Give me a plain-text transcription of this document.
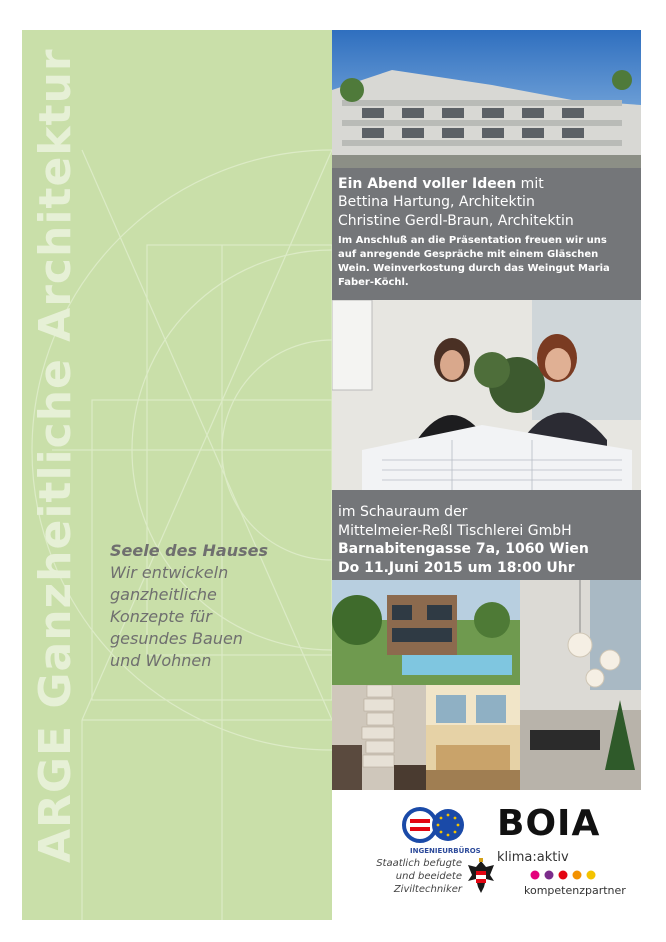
ARGE Ganzheitliche Architektur Seele des Hauses
Wir entwickeln
ganzheitliche
Konzepte für
gesundes Bauen
und Wohnen
Ein Abend voller Ideen mit
Bettina Hartung, Architektin
Christine Gerdl-Braun, Architektin
Im Anschluß an die Präsentation freuen wir uns
auf anregende Gespräche mit einem Gläschen
Wein. Weinverkostung durch das Weingut Maria
Faber-Köchl.
im Schauraum der
Mittelmeier-Reßl Tischlerei GmbH
Barnabitengasse 7a, 1060 Wien
Do 11.Juni 2015 um 18:00 Uhr
INGENIEURBÜROS
BOIA
klima:aktiv
kompetenzpartner
Staatlich befugte
und beeidete
Ziviltechniker
